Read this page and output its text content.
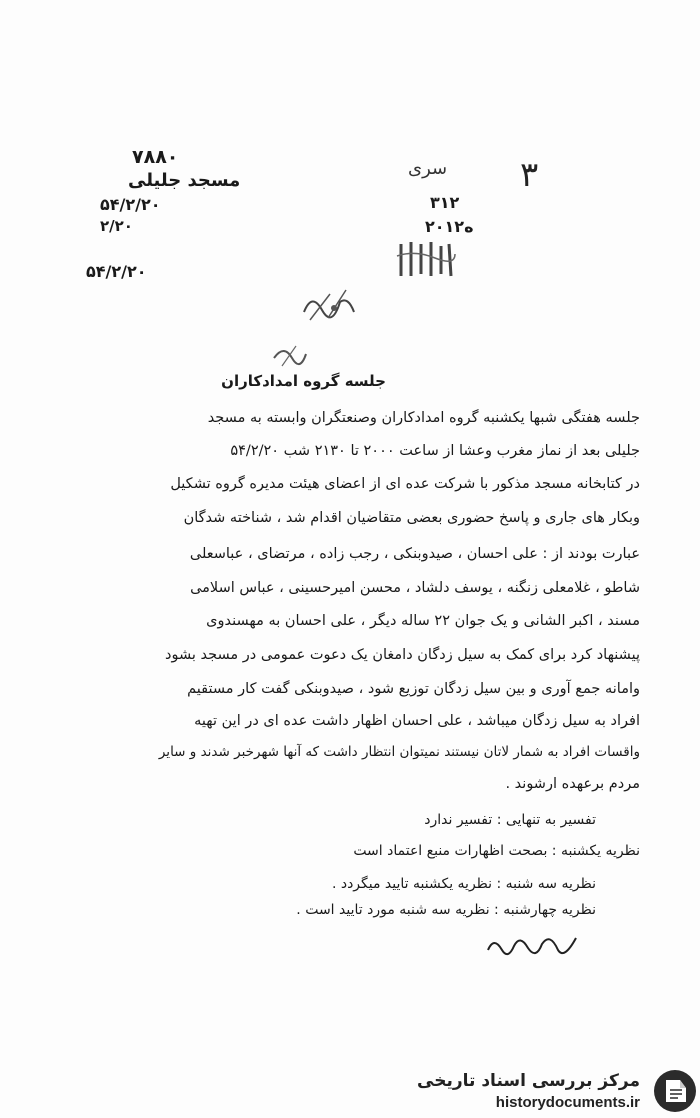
۷۸۸۰
مسجد جلیلی
۵۴/۲/۲۰
۲/۲۰
۵۴/۲/۲۰
۳
سری
۳۱۲
۲۰ه۱۲
جلسه گروه امدادکاران
جلسه هفتگی شبها یکشنبه گروه امدادکاران وصنعتگران وابسته به مسجد
جلیلی بعد از نماز مغرب وعشا از ساعت ۲۰۰۰ تا ۲۱۳۰ شب ۵۴/۲/۲۰
در کتابخانه مسجد مذکور با شرکت عده ای از اعضای هیئت مدیره گروه تشکیل
وبکار های جاری و پاسخ حضوری بعضی متقاضیان اقدام شد ، شناخته شدگان
عبارت بودند از : علی احسان ، صیدوبنکی ، رجب زاده ، مرتضای ، عباسعلی
شاطو ، غلامعلی زنگنه ، یوسف دلشاد ، محسن امیرحسینی ، عباس اسلامی
مسند ، اکبر الشانی و یک جوان ۲۲ ساله دیگر ، علی احسان به مهسندوی
پیشنهاد کرد برای کمک به سیل زدگان دامغان یک دعوت عمومی در مسجد بشود
وامانه جمع آوری و بین سیل زدگان توزیع شود ، صیدوبنکی گفت کار مستقیم
افراد به سیل زدگان میباشد ، علی احسان اظهار داشت عده ای در این تهیه
واقسات افراد به شمار لاتان نیستند نمیتوان انتظار داشت که آنها شهرخبر شدند و سایر
مردم برعهده ارشوند .
تفسیر به تنهایی : تفسیر ندارد
نظریه یکشنبه : بصحت اظهارات منبع اعتماد است
نظریه سه شنبه : نظریه یکشنبه تایید میگردد .
نظریه چهارشنبه : نظریه سه شنبه مورد تایید است .
مرکز بررسی اسناد تاریخی
historydocuments.ir
